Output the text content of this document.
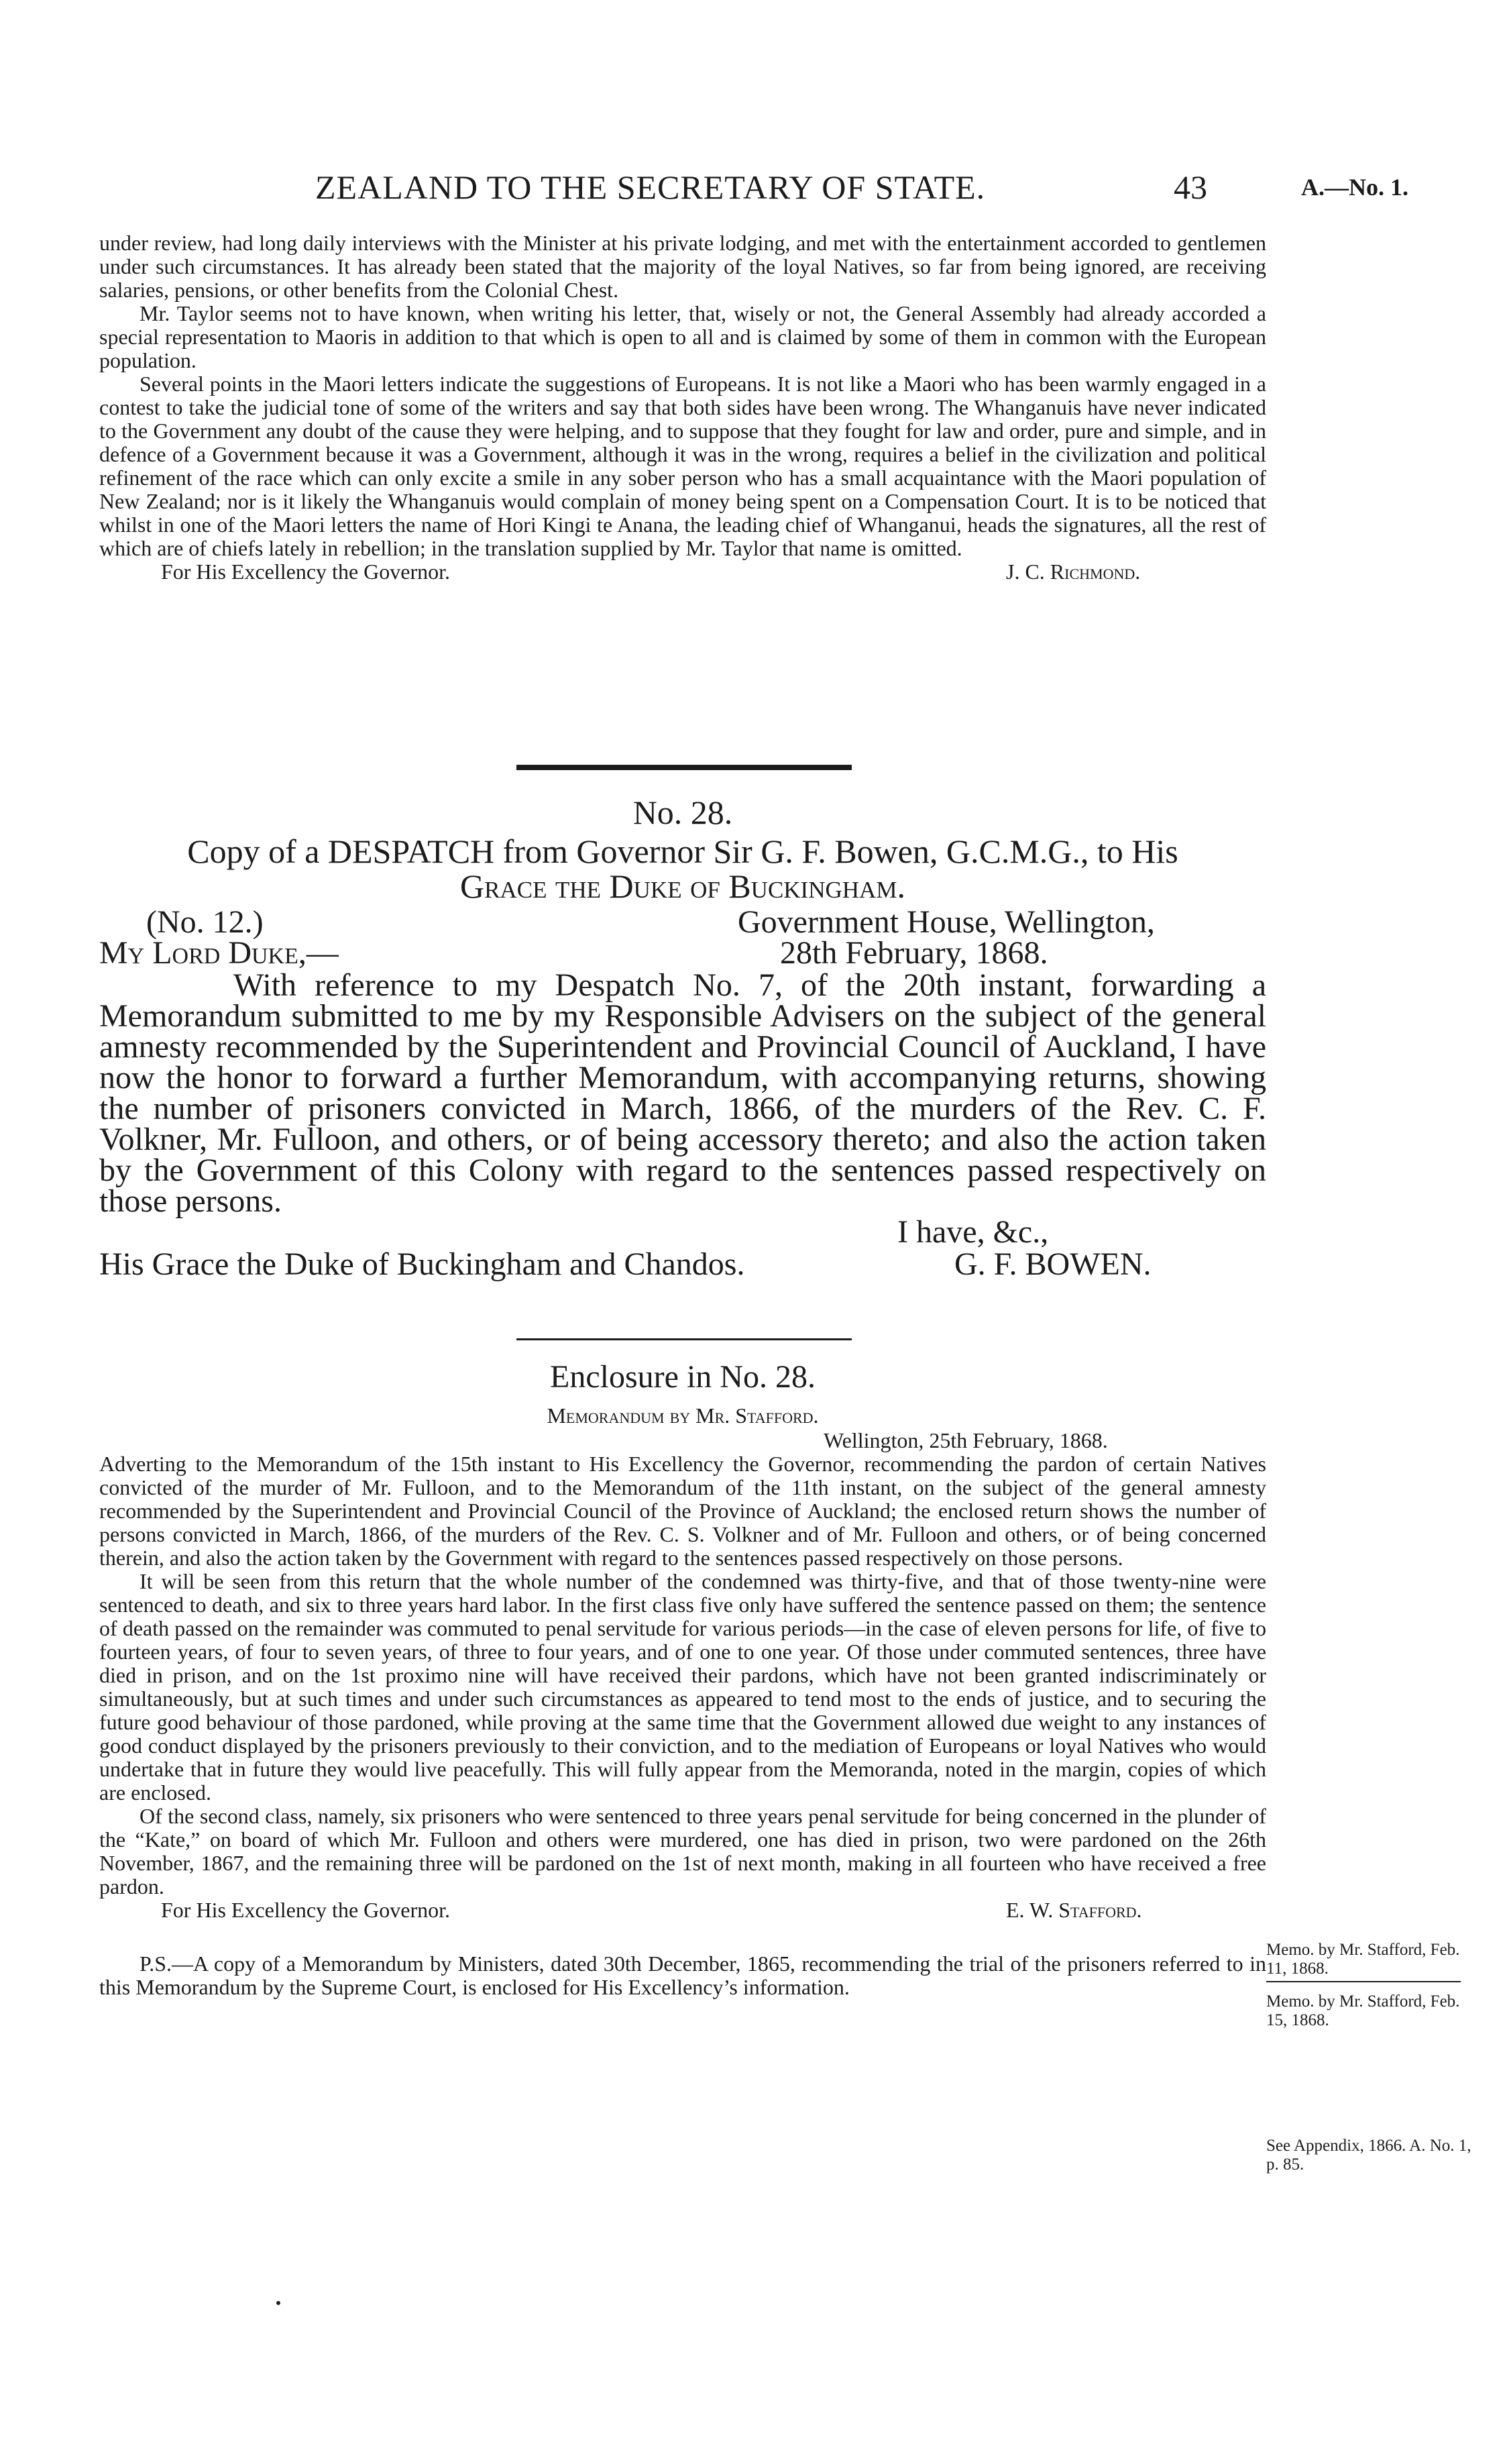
ZEALAND TO THE SECRETARY OF STATE.	43	A.—No. 1.

under review, had long daily interviews with the Minister at his private lodging, and met with the entertainment accorded to gentlemen under such circumstances. It has already been stated that the majority of the loyal Natives, so far from being ignored, are receiving salaries, pensions, or other benefits from the Colonial Chest.

Mr. Taylor seems not to have known, when writing his letter, that, wisely or not, the General Assembly had already accorded a special representation to Maoris in addition to that which is open to all and is claimed by some of them in common with the European population.

Several points in the Maori letters indicate the suggestions of Europeans. It is not like a Maori who has been warmly engaged in a contest to take the judicial tone of some of the writers and say that both sides have been wrong. The Whanganuis have never indicated to the Government any doubt of the cause they were helping, and to suppose that they fought for law and order, pure and simple, and in defence of a Government because it was a Government, although it was in the wrong, requires a belief in the civilization and political refinement of the race which can only excite a smile in any sober person who has a small acquaintance with the Maori population of New Zealand; nor is it likely the Whanganuis would complain of money being spent on a Compensation Court. It is to be noticed that whilst in one of the Maori letters the name of Hori Kingi te Anana, the leading chief of Whanganui, heads the signatures, all the rest of which are of chiefs lately in rebellion; in the translation supplied by Mr. Taylor that name is omitted.

For His Excellency the Governor.	J. C. Richmond.
No. 28.
Copy of a DESPATCH from Governor Sir G. F. Bowen, G.C.M.G., to His
Grace the Duke of Buckingham.
(No. 12.)	Government House, Wellington,
My Lord Duke,—	28th February, 1868.

With reference to my Despatch No. 7, of the 20th instant, forwarding a Memorandum submitted to me by my Responsible Advisers on the subject of the general amnesty recommended by the Superintendent and Provincial Council of Auckland, I have now the honor to forward a further Memorandum, with accompanying returns, showing the number of prisoners convicted in March, 1866, of the murders of the Rev. C. F. Volkner, Mr. Fulloon, and others, or of being accessory thereto; and also the action taken by the Government of this Colony with regard to the sentences passed respectively on those persons.

I have, &c.,
His Grace the Duke of Buckingham and Chandos.	G. F. BOWEN.
Enclosure in No. 28.
Memorandum by Mr. Stafford.
Wellington, 25th February, 1868.

Adverting to the Memorandum of the 15th instant to His Excellency the Governor, recommending the pardon of certain Natives convicted of the murder of Mr. Fulloon, and to the Memorandum of the 11th instant, on the subject of the general amnesty recommended by the Superintendent and Provincial Council of the Province of Auckland; the enclosed return shows the number of persons convicted in March, 1866, of the murders of the Rev. C. S. Volkner and of Mr. Fulloon and others, or of being concerned therein, and also the action taken by the Government with regard to the sentences passed respectively on those persons.

It will be seen from this return that the whole number of the condemned was thirty-five, and that of those twenty-nine were sentenced to death, and six to three years hard labor. In the first class five only have suffered the sentence passed on them; the sentence of death passed on the remainder was commuted to penal servitude for various periods—in the case of eleven persons for life, of five to fourteen years, of four to seven years, of three to four years, and of one to one year. Of those under commuted sentences, three have died in prison, and on the 1st proximo nine will have received their pardons, which have not been granted indiscriminately or simultaneously, but at such times and under such circumstances as appeared to tend most to the ends of justice, and to securing the future good behaviour of those pardoned, while proving at the same time that the Government allowed due weight to any instances of good conduct displayed by the prisoners previously to their conviction, and to the mediation of Europeans or loyal Natives who would undertake that in future they would live peacefully. This will fully appear from the Memoranda, noted in the margin, copies of which are enclosed.

Of the second class, namely, six prisoners who were sentenced to three years penal servitude for being concerned in the plunder of the “Kate,” on board of which Mr. Fulloon and others were murdered, one has died in prison, two were pardoned on the 26th November, 1867, and the remaining three will be pardoned on the 1st of next month, making in all fourteen who have received a free pardon.

For His Excellency the Governor.	E. W. Stafford.

P.S.—A copy of a Memorandum by Ministers, dated 30th December, 1865, recommending the trial of the prisoners referred to in this Memorandum by the Supreme Court, is enclosed for His Excellency’s information.

Memo. by Mr. Stafford, Feb. 11, 1868.
Memo. by Mr. Stafford, Feb. 15, 1868.
See Appendix, 1866. A. No. 1, p. 85.
